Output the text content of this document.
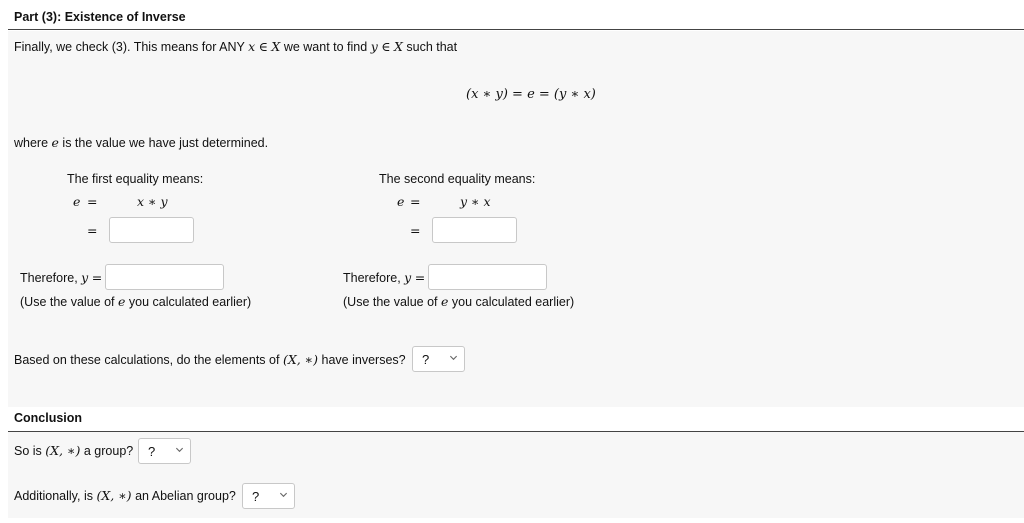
Part (3): Existence of Inverse
Finally, we check (3). This means for ANY x ∈ X we want to find y ∈ X such that
(x ∗ y) = e = (y ∗ x)
where e is the value we have just determined.
The first equality means:
e =	x ∗ y
=
Therefore, y =
(Use the value of e you calculated earlier)
The second equality means:
e =	y ∗ x
=
Therefore, y =
(Use the value of e you calculated earlier)
Based on these calculations, do the elements of (X, ∗) have inverses? ?
Conclusion
So is (X, ∗) a group? ?
Additionally, is (X, ∗) an Abelian group? ?
